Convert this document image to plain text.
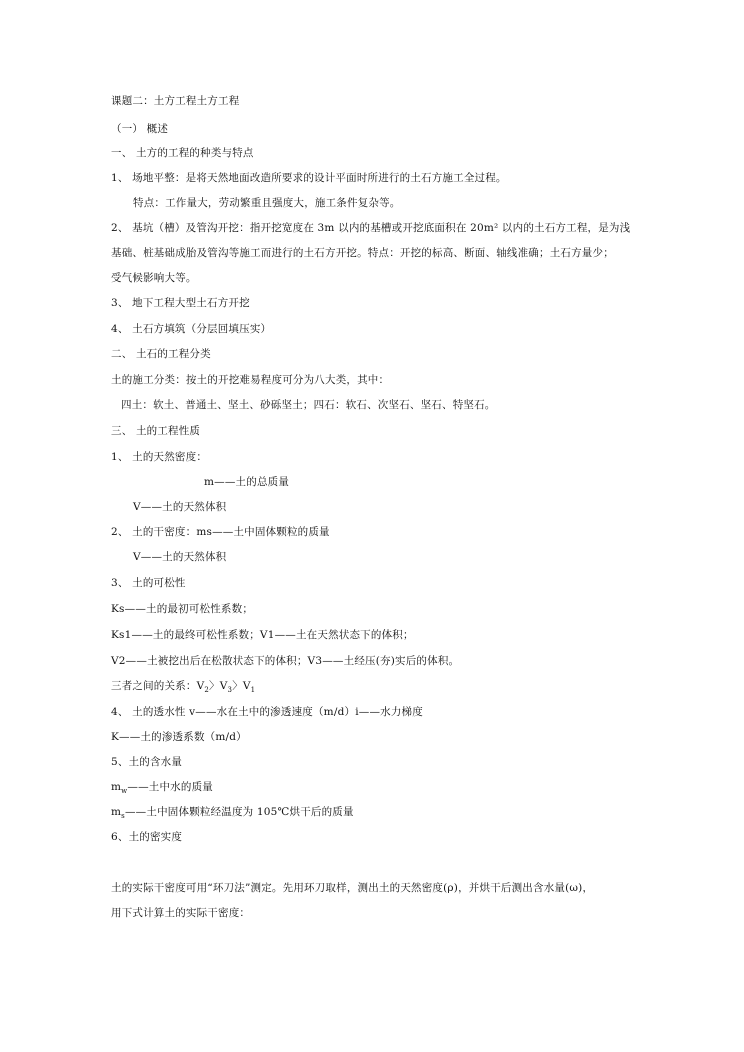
课题二：土方工程土方工程
（一） 概述
一、 土方的工程的种类与特点
1、 场地平整：是将天然地面改造所要求的设计平面时所进行的土石方施工全过程。
特点：工作量大，劳动繁重且强度大，施工条件复杂等。
2、 基坑（槽）及管沟开挖：指开挖宽度在 3m 以内的基槽或开挖底面积在 20m² 以内的土石方工程，是为浅
基础、桩基础成胎及管沟等施工而进行的土石方开挖。特点：开挖的标高、断面、轴线准确；土石方量少；
受气候影响大等。
3、 地下工程大型土石方开挖
4、 土石方填筑（分层回填压实）
二、 土石的工程分类
土的施工分类：按土的开挖难易程度可分为八大类，其中：
四土：软土、普通土、坚土、砂砾坚土；四石：软石、次坚石、坚石、特坚石。
三、 土的工程性质
1、 土的天然密度：
m——土的总质量
V——土的天然体积
2、 土的干密度：ms——土中固体颗粒的质量
V——土的天然体积
3、 土的可松性
Ks——土的最初可松性系数；
Ks1——土的最终可松性系数；V1——土在天然状态下的体积；
V2——土被挖出后在松散状态下的体积；V3——土经压(夯)实后的体积。
三者之间的关系：$V_2$〉$V_3$〉$V_1$
4、 土的透水性 v——水在土中的渗透速度（m/d）i——水力梯度
K——土的渗透系数（m/d）
5、土的含水量
$m_w——$土中水的质量
$m_s——$土中固体颗粒经温度为 105℃烘干后的质量
6、土的密实度
土的实际干密度可用“环刀法”测定。先用环刀取样，测出土的天然密度(ρ)，并烘干后测出含水量(ω)，
用下式计算土的实际干密度：
